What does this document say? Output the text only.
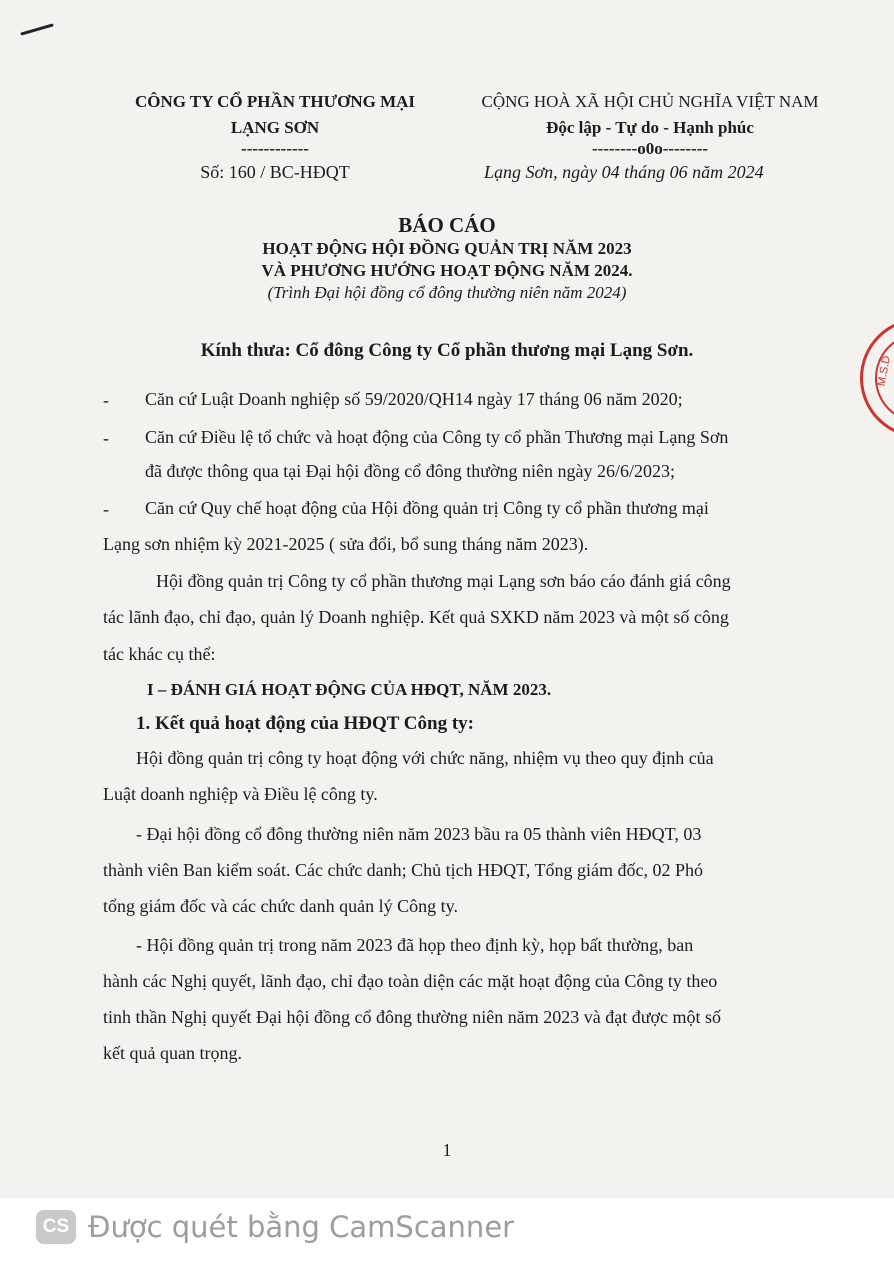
CÔNG TY CỔ PHẦN THƯƠNG MẠI
LẠNG SƠN
------------
Số: 160 / BC-HĐQT
CỘNG HOÀ XÃ HỘI CHỦ NGHĨA VIỆT NAM
Độc lập - Tự do - Hạnh phúc
--------o0o--------
Lạng Sơn, ngày 04 tháng 06 năm 2024
BÁO CÁO
HOẠT ĐỘNG HỘI ĐỒNG QUẢN TRỊ NĂM 2023
VÀ PHƯƠNG HƯỚNG HOẠT ĐỘNG NĂM 2024.
(Trình Đại hội đồng cổ đông thường niên năm 2024)
M.S.D
Kính thưa: Cổ đông Công ty Cổ phần thương mại Lạng Sơn.
- Căn cứ Luật Doanh nghiệp số 59/2020/QH14 ngày 17 tháng 06 năm 2020;
- Căn cứ Điều lệ tổ chức và hoạt động của Công ty cổ phần Thương mại Lạng Sơn
đã được thông qua tại Đại hội đồng cổ đông thường niên ngày 26/6/2023;
- Căn cứ Quy chế hoạt động của Hội đồng quản trị Công ty cổ phần thương mại
Lạng sơn nhiệm kỳ 2021-2025 ( sửa đổi, bổ sung tháng năm 2023).
Hội đồng quản trị Công ty cổ phần thương mại Lạng sơn báo cáo đánh giá công
tác lãnh đạo, chỉ đạo, quản lý Doanh nghiệp. Kết quả SXKD năm 2023 và một số công
tác khác cụ thể:
I – ĐÁNH GIÁ HOẠT ĐỘNG CỦA HĐQT, NĂM 2023.
1. Kết quả hoạt động của HĐQT Công ty:
Hội đồng quản trị công ty hoạt động với chức năng, nhiệm vụ theo quy định của
Luật doanh nghiệp và Điều lệ công ty.
- Đại hội đồng cổ đông thường niên năm 2023 bầu ra 05 thành viên HĐQT, 03
thành viên Ban kiểm soát. Các chức danh; Chủ tịch HĐQT, Tổng giám đốc, 02 Phó
tổng giám đốc và các chức danh quản lý Công ty.
- Hội đồng quản trị trong năm 2023 đã họp theo định kỳ, họp bất thường, ban
hành các Nghị quyết, lãnh đạo, chỉ đạo toàn diện các mặt hoạt động của Công ty theo
tinh thần Nghị quyết Đại hội đồng cổ đông thường niên năm 2023 và đạt được một số
kết quả quan trọng.
1
CS Được quét bằng CamScanner
